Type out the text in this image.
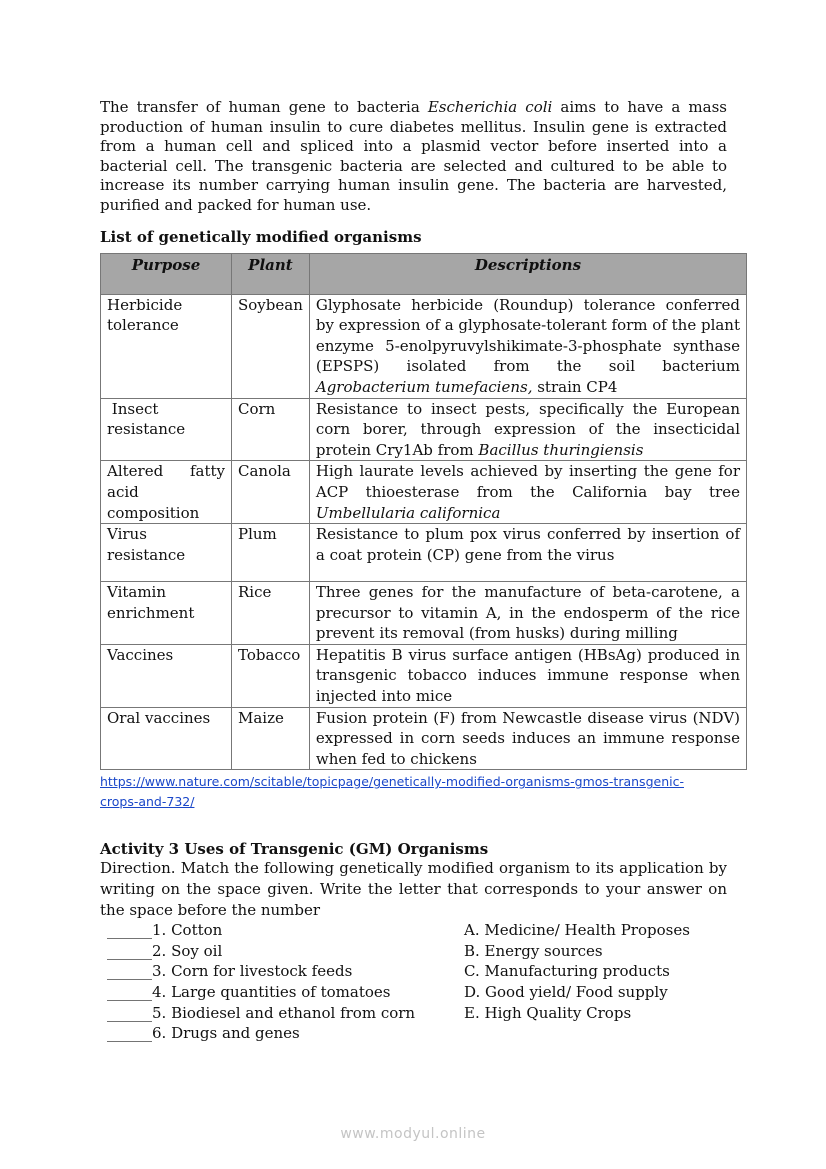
The transfer of human gene to bacteria Escherichia coli aims to have a mass production of human insulin to cure diabetes mellitus. Insulin gene is extracted from a human cell and spliced into a plasmid vector before inserted into a bacterial cell. The transgenic bacteria are selected and cultured to be able to increase its number carrying human insulin gene. The bacteria are harvested, purified and packed for human use.

List of genetically modified organisms
Purpose	Plant	Descriptions
Herbicide tolerance	Soybean	Glyphosate herbicide (Roundup) tolerance conferred by expression of a glyphosate-tolerant form of the plant enzyme 5-enolpyruvylshikimate-3-phosphate synthase (EPSPS) isolated from the soil bacterium Agrobacterium tumefaciens, strain CP4
Insect resistance	Corn	Resistance to insect pests, specifically the European corn borer, through expression of the insecticidal protein Cry1Ab from Bacillus thuringiensis
Altered fatty acid composition	Canola	High laurate levels achieved by inserting the gene for ACP thioesterase from the California bay tree Umbellularia californica
Virus resistance	Plum	Resistance to plum pox virus conferred by insertion of a coat protein (CP) gene from the virus
Vitamin enrichment	Rice	Three genes for the manufacture of beta-carotene, a precursor to vitamin A, in the endosperm of the rice prevent its removal (from husks) during milling
Vaccines	Tobacco	Hepatitis B virus surface antigen (HBsAg) produced in transgenic tobacco induces immune response when injected into mice
Oral vaccines	Maize	Fusion protein (F) from Newcastle disease virus (NDV) expressed in corn seeds induces an immune response when fed to chickens
https://www.nature.com/scitable/topicpage/genetically-modified-organisms-gmos-transgenic-crops-and-732/
Activity 3 Uses of Transgenic (GM) Organisms

Direction. Match the following genetically modified organism to its application by writing on the space given. Write the letter that corresponds to your answer on the space before the number

______1. Cotton
______2. Soy oil
______3. Corn for livestock feeds
______4. Large quantities of tomatoes
______5. Biodiesel and ethanol from corn
______6. Drugs and genes
A. Medicine/ Health Proposes
B. Energy sources
C. Manufacturing products
D. Good yield/ Food supply
E. High Quality Crops
www.modyul.online
